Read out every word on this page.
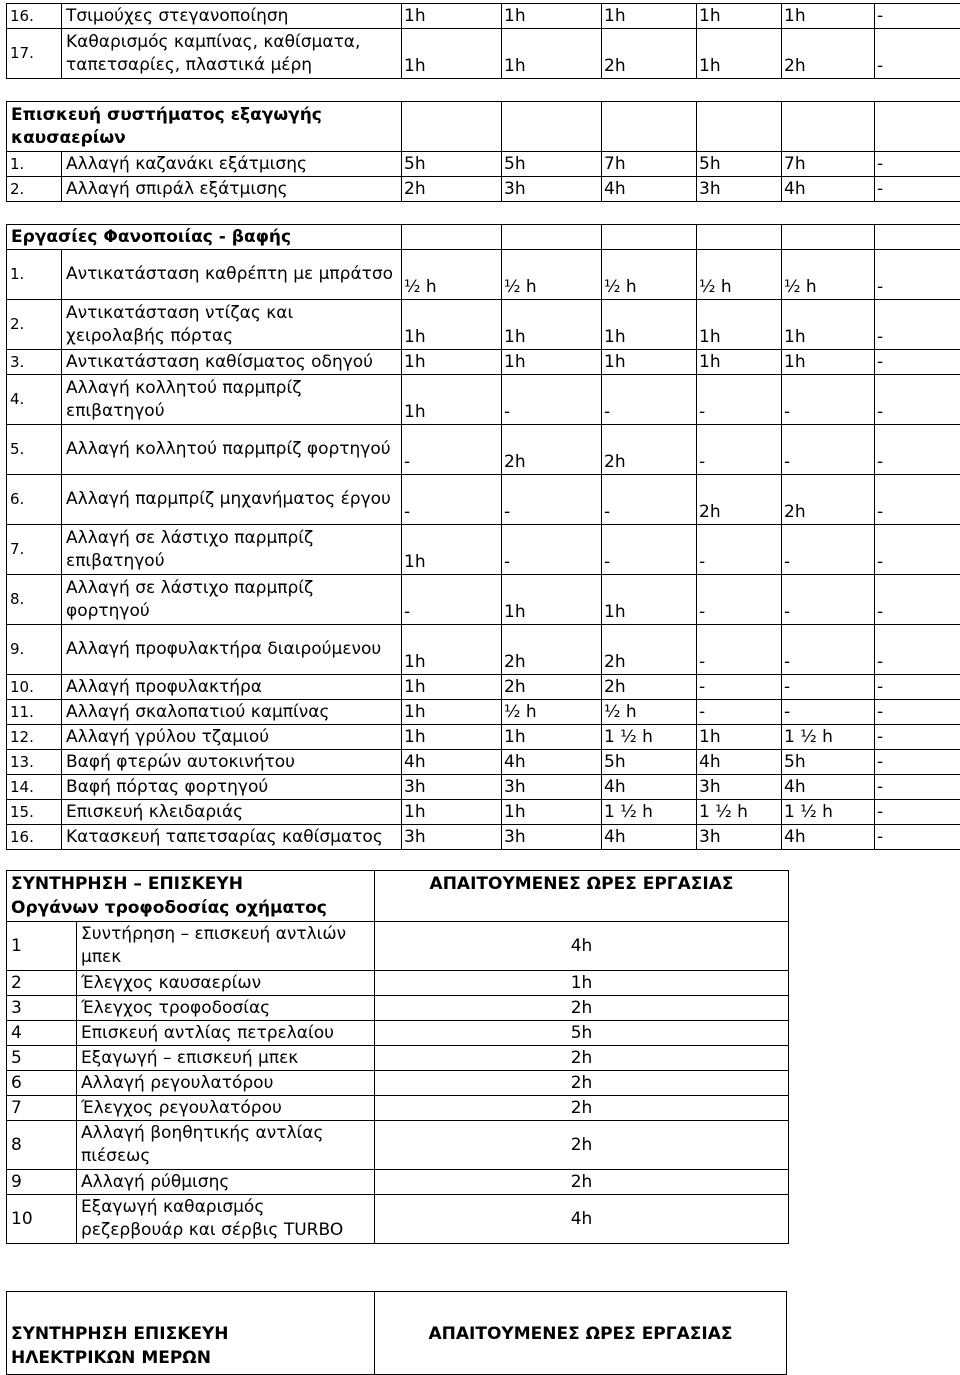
16.	Τσιμούχες στεγανοποίηση	1h	1h	1h	1h	1h	-
17.	Καθαρισμός καμπίνας, καθίσματα, ταπετσαρίες, πλαστικά μέρη	1h	1h	2h	1h	2h	-

Επισκευή συστήματος εξαγωγής καυσαερίων							
1.	Αλλαγή καζανάκι εξάτμισης	5h	5h	7h	5h	7h	-
2.	Αλλαγή σπιράλ εξάτμισης	2h	3h	4h	3h	4h	-

Εργασίες Φανοποιίας - βαφής							
1.	Αντικατάσταση καθρέπτη με μπράτσο	½ h	½ h	½ h	½ h	½ h	-
2.	Αντικατάσταση ντίζας και χειρολαβής πόρτας	1h	1h	1h	1h	1h	-
3.	Αντικατάσταση καθίσματος οδηγού	1h	1h	1h	1h	1h	-
4.	Αλλαγή κολλητού παρμπρίζ επιβατηγού	1h	-	-	-	-	-
5.	Αλλαγή κολλητού παρμπρίζ φορτηγού	-	2h	2h	-	-	-
6.	Αλλαγή παρμπρίζ μηχανήματος έργου	-	-	-	2h	2h	-
7.	Αλλαγή σε λάστιχο παρμπρίζ επιβατηγού	1h	-	-	-	-	-
8.	Αλλαγή σε λάστιχο παρμπρίζ φορτηγού	-	1h	1h	-	-	-
9.	Αλλαγή προφυλακτήρα διαιρούμενου	1h	2h	2h	-	-	-
10.	Αλλαγή προφυλακτήρα	1h	2h	2h	-	-	-
11.	Αλλαγή σκαλοπατιού καμπίνας	1h	½ h	½ h	-	-	-
12.	Αλλαγή γρύλου τζαμιού	1h	1h	1 ½ h	1h	1 ½ h	-
13.	Βαφή φτερών αυτοκινήτου	4h	4h	5h	4h	5h	-
14.	Βαφή πόρτας φορτηγού	3h	3h	4h	3h	4h	-
15.	Επισκευή κλειδαριάς	1h	1h	1 ½ h	1 ½ h	1 ½ h	-
16.	Κατασκευή ταπετσαρίας καθίσματος	3h	3h	4h	3h	4h	-
ΣΥΝΤΗΡΗΣΗ – ΕΠΙΣΚΕΥΗ
Οργάνων τροφοδοσίας οχήματος		ΑΠΑΙΤΟΥΜΕΝΕΣ ΩΡΕΣ ΕΡΓΑΣΙΑΣ
1	Συντήρηση – επισκευή αντλιών μπεκ	4h
2	Έλεγχος καυσαερίων	1h
3	Έλεγχος τροφοδοσίας	2h
4	Επισκευή αντλίας πετρελαίου	5h
5	Εξαγωγή – επισκευή μπεκ	2h
6	Αλλαγή ρεγουλατόρου	2h
7	Έλεγχος ρεγουλατόρου	2h
8	Αλλαγή βοηθητικής αντλίας πιέσεως	2h
9	Αλλαγή ρύθμισης	2h
10	Εξαγωγή καθαρισμός ρεζερβουάρ και σέρβις TURBO	4h
ΣΥΝΤΗΡΗΣΗ ΕΠΙΣΚΕΥΗ
ΗΛΕΚΤΡΙΚΩΝ ΜΕΡΩΝ
	ΑΠΑΙΤΟΥΜΕΝΕΣ ΩΡΕΣ ΕΡΓΑΣΙΑΣ
